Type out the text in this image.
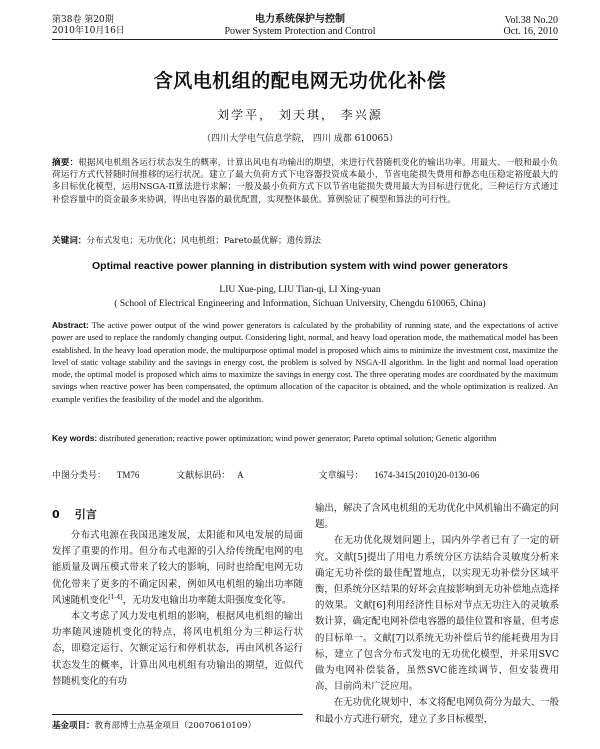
第38卷 第20期
2010年10月16日
电力系统保护与控制
Power System Protection and Control
Vol.38 No.20
Oct. 16, 2010
含风电机组的配电网无功优化补偿
刘学平， 刘天琪， 李兴源
（四川大学电气信息学院， 四川 成都 610065）
摘要：根据风电机组各运行状态发生的概率，计算出风电有功输出的期望，来进行代替随机变化的输出功率。用最大、一般和最小负荷运行方式代替随时间推移的运行状况。建立了最大负荷方式下电容器投资成本最小，节省电能损失费用和静态电压稳定裕度最大的多目标优化模型，运用NSGA-II算法进行求解；一般及最小负荷方式下以节省电能损失费用最大为目标进行优化，三种运行方式通过补偿容量中的资金最多来协调，得出电容器的最优配置，实现整体最优。算例验证了模型和算法的可行性。
关键词：分布式发电；无功优化；风电机组；Pareto最优解；遗传算法
Optimal reactive power planning in distribution system with wind power generators
LIU Xue-ping, LIU Tian-qi, LI Xing-yuan
( School of Electrical Engineering and Information, Sichuan University, Chengdu 610065, China)
Abstract: The active power output of the wind power generators is calculated by the probability of running state, and the expectations of active power are used to replace the randomly changing output. Considering light, normal, and heavy load operation mode, the mathematical model has been established. In the heavy load operation mode, the multipurpose optimal model is proposed which aims to minimize the investment cost, maximize the level of static voltage stability and the savings in energy cost, the problem is solved by NSGA-II algorithm. In the light and normal load operation mode, the optimal model is proposed which aims to maximize the savings in energy cost. The three operating modes are coordinated by the maximum savings when reactive power has been compensated, the optimum allocation of the capacitor is obtained, and the whole optimization is realized. An example verifies the feasibility of the model and the algorithm.
Key words: distributed generation; reactive power optimization; wind power generator; Pareto optimal solution; Genetic algorithm
中图分类号： TM76	文献标识码： A	文章编号： 1674-3415(2010)20-0130-06
0 引言

分布式电源在我国迅速发展，太阳能和风电发展的局面发挥了重要的作用。但分布式电源的引入给传统配电网的电能质量及调压模式带来了较大的影响，同时也给配电网无功优化带来了更多的不确定因素，例如风电机组的输出功率随风速随机变化[1-4]，无功发电输出功率随太阳强度变化等。

本文考虑了风力发电机组的影响，根据风电机组的输出功率随风速随机变化的特点，将风电机组分为三种运行状态，即稳定运行、欠额定运行和停机状态，再由风机各运行状态发生的概率，计算出风电机组有功输出的期望，近似代替随机变化的有功

基金项目：教育部博士点基金项目（20070610109）

输出，解决了含风电机组的无功优化中风机输出不确定的问题。

在无功优化规划问题上，国内外学者已有了一定的研究。文献[5]提出了用电力系统分区方法结合灵敏度分析来确定无功补偿的最佳配置地点，以实现无功补偿分区域平衡，但系统分区结果的好坏会直接影响到无功补偿地点选择的效果。文献[6]利用经济性目标对节点无功注入的灵敏系数计算，确定配电网补偿电容器的最佳位置和容量，但考虑的目标单一。文献[7]以系统无功补偿后节约能耗费用为目标，建立了包含分布式发电的无功优化模型，并采用SVC做为电网补偿装备，虽然SVC能连续调节，但安装费用高，目前尚未广泛应用。

在无功优化规划中，本文将配电网负荷分为最大、一般和最小方式进行研究，建立了多目标模型，
